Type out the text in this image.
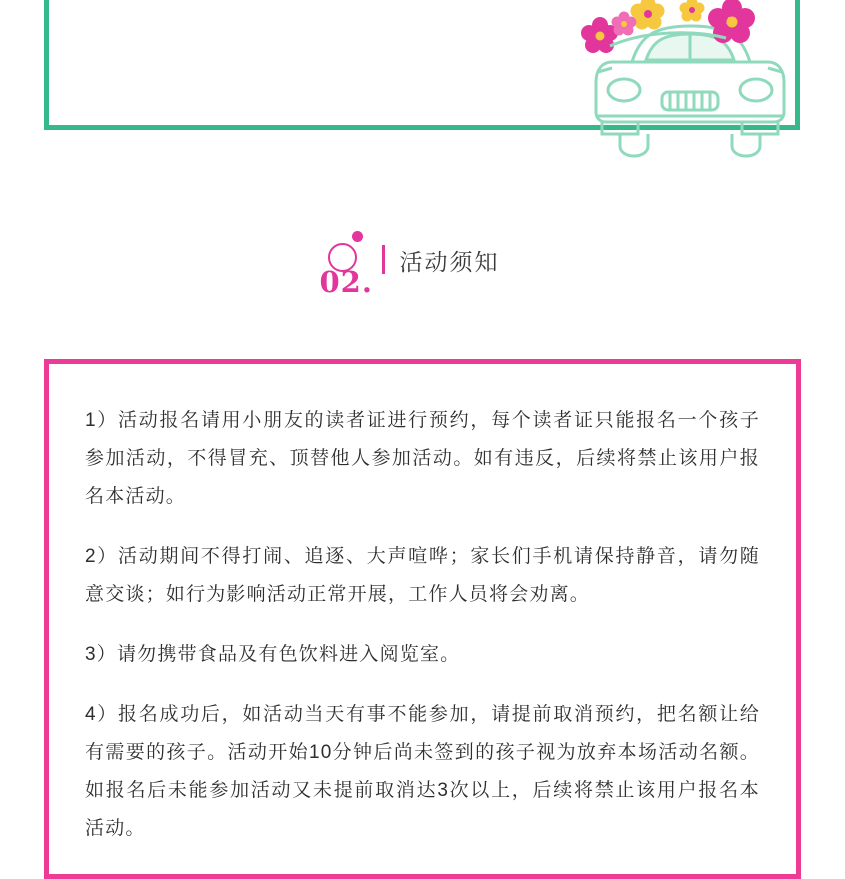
02.
活动须知

1）活动报名请用小朋友的读者证进行预约，每个读者证只能报名一个孩子参加活动，不得冒充、顶替他人参加活动。如有违反，后续将禁止该用户报名本活动。

2）活动期间不得打闹、追逐、大声喧哗；家长们手机请保持静音，请勿随意交谈；如行为影响活动正常开展，工作人员将会劝离。

3）请勿携带食品及有色饮料进入阅览室。

4）报名成功后，如活动当天有事不能参加，请提前取消预约，把名额让给有需要的孩子。活动开始10分钟后尚未签到的孩子视为放弃本场活动名额。如报名后未能参加活动又未提前取消达3次以上，后续将禁止该用户报名本活动。
